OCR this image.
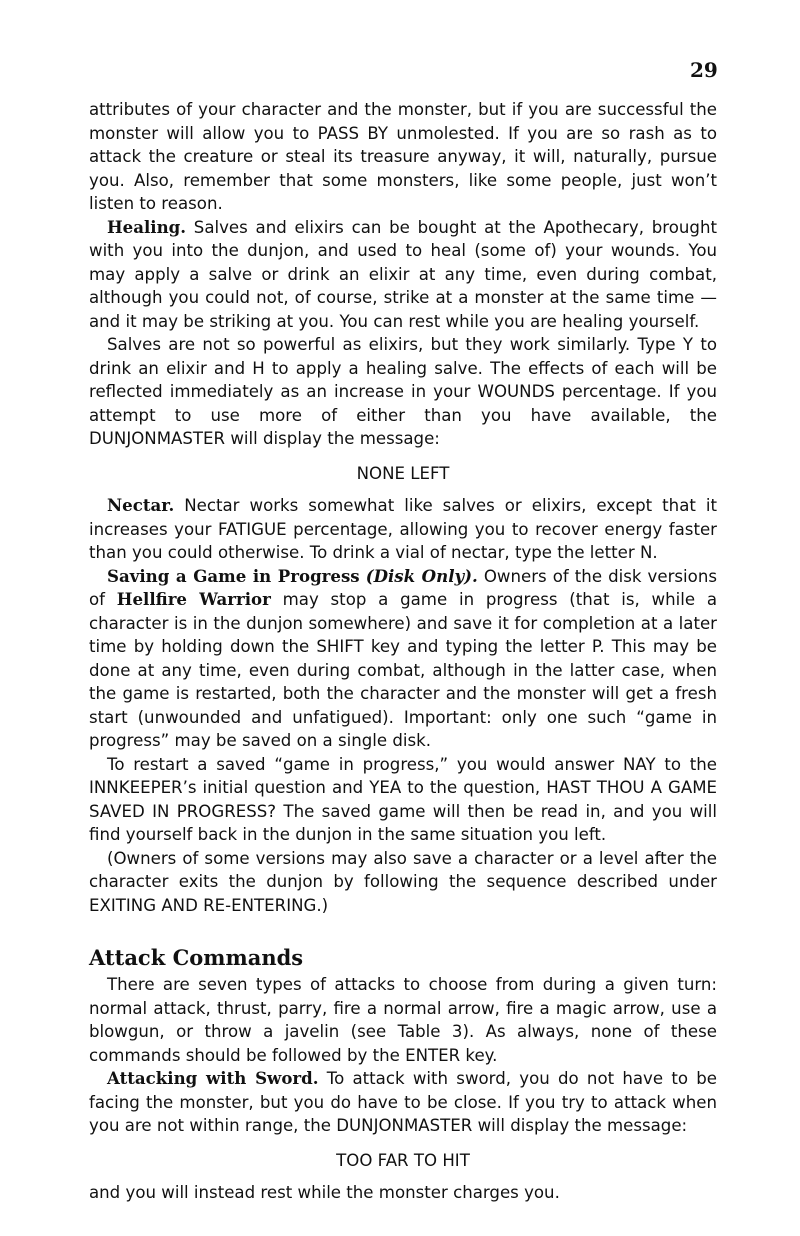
29

attributes of your character and the monster, but if you are successful the monster will allow you to PASS BY unmolested. If you are so rash as to attack the creature or steal its treasure anyway, it will, naturally, pursue you. Also, remember that some monsters, like some people, just won’t listen to reason.

Healing. Salves and elixirs can be bought at the Apothecary, brought with you into the dunjon, and used to heal (some of) your wounds. You may apply a salve or drink an elixir at any time, even during combat, although you could not, of course, strike at a monster at the same time — and it may be striking at you. You can rest while you are healing yourself.

Salves are not so powerful as elixirs, but they work similarly. Type Y to drink an elixir and H to apply a healing salve. The effects of each will be reflected immediately as an increase in your WOUNDS percentage. If you attempt to use more of either than you have available, the DUNJONMASTER will display the message:

NONE LEFT

Nectar. Nectar works somewhat like salves or elixirs, except that it increases your FATIGUE percentage, allowing you to recover energy faster than you could otherwise. To drink a vial of nectar, type the letter N.

Saving a Game in Progress (Disk Only). Owners of the disk versions of Hellfire Warrior may stop a game in progress (that is, while a character is in the dunjon somewhere) and save it for completion at a later time by holding down the SHIFT key and typing the letter P. This may be done at any time, even during combat, although in the latter case, when the game is restarted, both the character and the monster will get a fresh start (unwounded and unfatigued). Important: only one such “game in progress” may be saved on a single disk.

To restart a saved “game in progress,” you would answer NAY to the INNKEEPER’s initial question and YEA to the question, HAST THOU A GAME SAVED IN PROGRESS? The saved game will then be read in, and you will find yourself back in the dunjon in the same situation you left.

(Owners of some versions may also save a character or a level after the character exits the dunjon by following the sequence described under EXITING AND RE-ENTERING.)

Attack Commands

There are seven types of attacks to choose from during a given turn: normal attack, thrust, parry, fire a normal arrow, fire a magic arrow, use a blowgun, or throw a javelin (see Table 3). As always, none of these commands should be followed by the ENTER key.

Attacking with Sword. To attack with sword, you do not have to be facing the monster, but you do have to be close. If you try to attack when you are not within range, the DUNJONMASTER will display the message:

TOO FAR TO HIT

and you will instead rest while the monster charges you.
